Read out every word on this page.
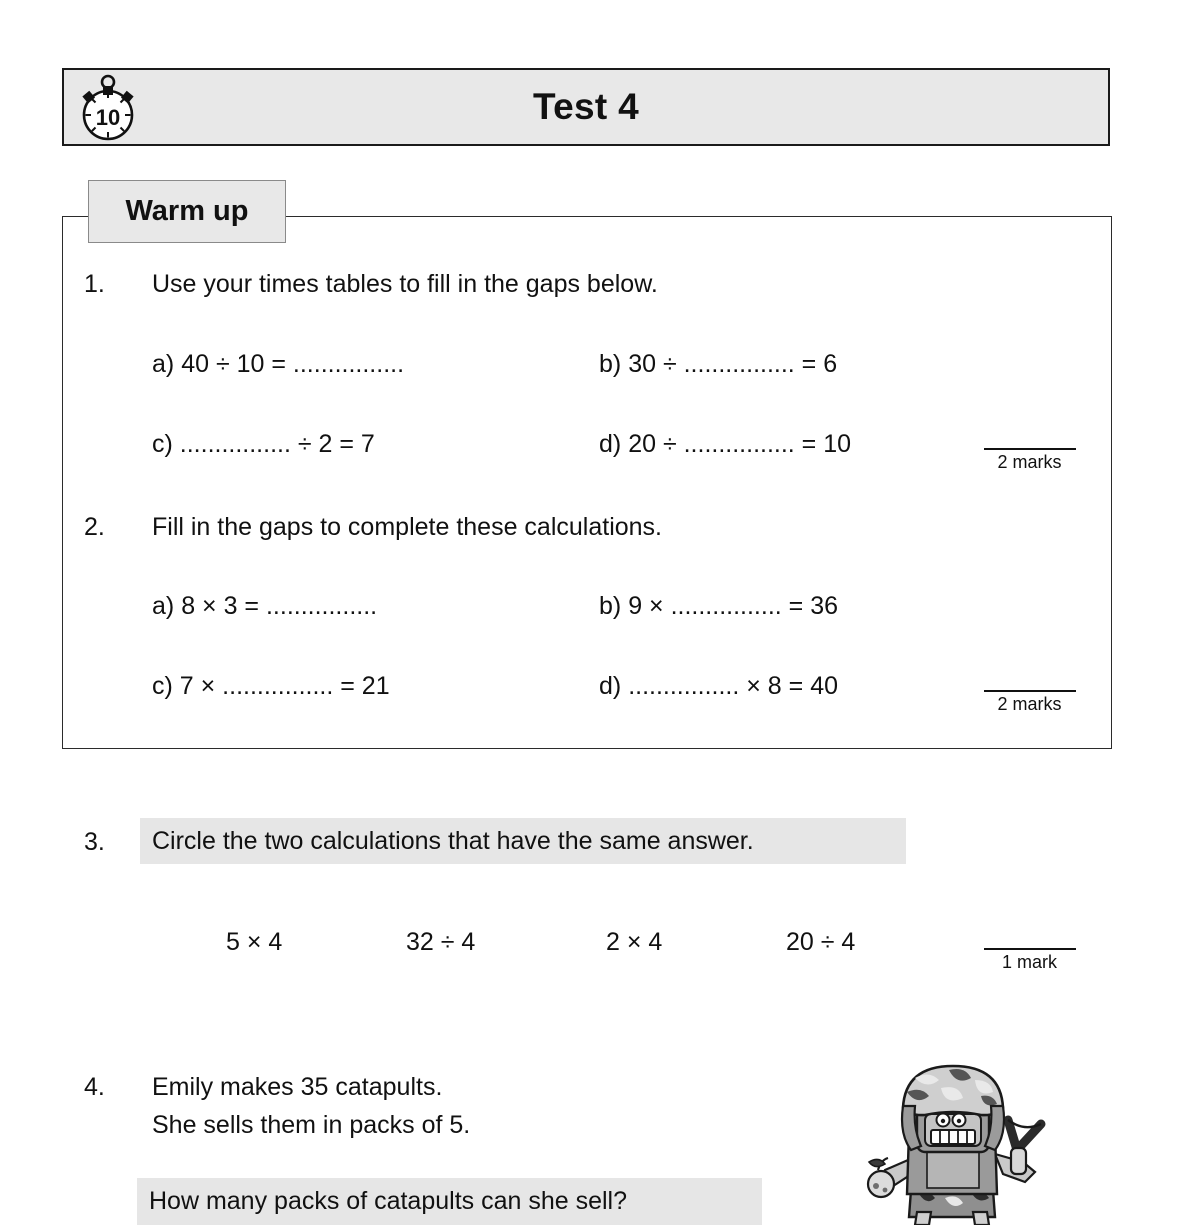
10	Test 4
Warm up
1. Use your times tables to fill in the gaps below.
a) 40 ÷ 10 = ................	b) 30 ÷ ................ = 6
c) ................ ÷ 2 = 7	d) 20 ÷ ................ = 10
2 marks
2. Fill in the gaps to complete these calculations.
a) 8 × 3 = ................	b) 9 × ................ = 36
c) 7 × ................ = 21	d) ................ × 8 = 40
2 marks
3. Circle the two calculations that have the same answer.
5 × 4	32 ÷ 4	2 × 4	20 ÷ 4
1 mark
4. Emily makes 35 catapults.
She sells them in packs of 5.
How many packs of catapults can she sell?
